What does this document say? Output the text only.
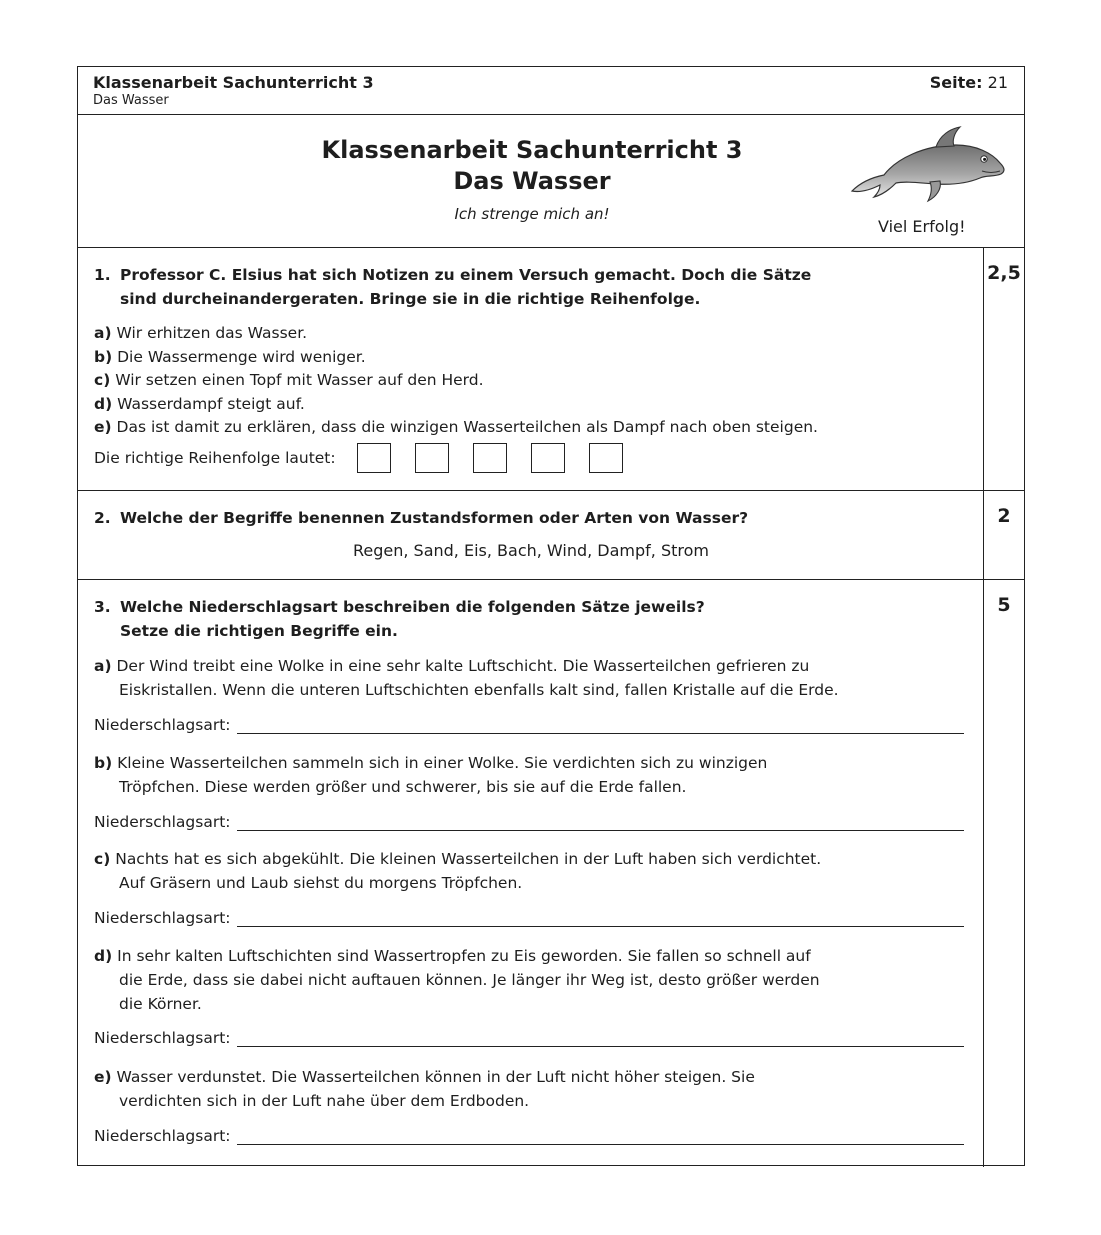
Klassenarbeit Sachunterricht 3
Das Wasser
Seite: 21
Klassenarbeit Sachunterricht 3
Das Wasser
Ich strenge mich an!
Viel Erfolg!
1. Professor C. Elsius hat sich Notizen zu einem Versuch gemacht. Doch die Sätze
sind durcheinandergeraten. Bringe sie in die richtige Reihenfolge.
a) Wir erhitzen das Wasser.
b) Die Wassermenge wird weniger.
c) Wir setzen einen Topf mit Wasser auf den Herd.
d) Wasserdampf steigt auf.
e) Das ist damit zu erklären, dass die winzigen Wasserteilchen als Dampf nach oben steigen.
Die richtige Reihenfolge lautet:
2,5
2. Welche der Begriffe benennen Zustandsformen oder Arten von Wasser?
Regen, Sand, Eis, Bach, Wind, Dampf, Strom
2
3. Welche Niederschlagsart beschreiben die folgenden Sätze jeweils?
Setze die richtigen Begriffe ein.
a) Der Wind treibt eine Wolke in eine sehr kalte Luftschicht. Die Wasserteilchen gefrieren zu
Eiskristallen. Wenn die unteren Luftschichten ebenfalls kalt sind, fallen Kristalle auf die Erde.
Niederschlagsart:
b) Kleine Wasserteilchen sammeln sich in einer Wolke. Sie verdichten sich zu winzigen
Tröpfchen. Diese werden größer und schwerer, bis sie auf die Erde fallen.
Niederschlagsart:
c) Nachts hat es sich abgekühlt. Die kleinen Wasserteilchen in der Luft haben sich verdichtet.
Auf Gräsern und Laub siehst du morgens Tröpfchen.
Niederschlagsart:
d) In sehr kalten Luftschichten sind Wassertropfen zu Eis geworden. Sie fallen so schnell auf
die Erde, dass sie dabei nicht auftauen können. Je länger ihr Weg ist, desto größer werden
die Körner.
Niederschlagsart:
e) Wasser verdunstet. Die Wasserteilchen können in der Luft nicht höher steigen. Sie
verdichten sich in der Luft nahe über dem Erdboden.
Niederschlagsart:
5
